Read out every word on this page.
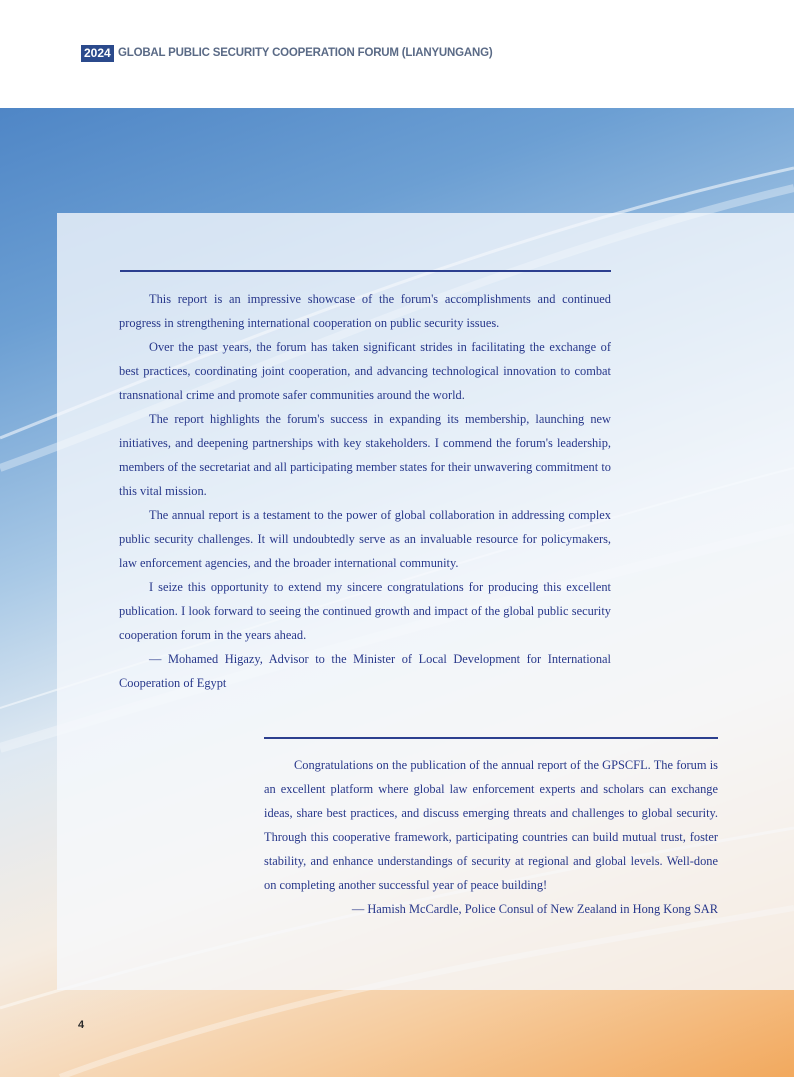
2024 GLOBAL PUBLIC SECURITY COOPERATION FORUM (LIANYUNGANG)

This report is an impressive showcase of the forum's accomplishments and continued progress in strengthening international cooperation on public security issues.

Over the past years, the forum has taken significant strides in facilitating the exchange of best practices, coordinating joint cooperation, and advancing technological innovation to combat transnational crime and promote safer communities around the world.

The report highlights the forum's success in expanding its membership, launching new initiatives, and deepening partnerships with key stakeholders. I commend the forum's leadership, members of the secretariat and all participating member states for their unwavering commitment to this vital mission.

The annual report is a testament to the power of global collaboration in addressing complex public security challenges. It will undoubtedly serve as an invaluable resource for policymakers, law enforcement agencies, and the broader international community.

I seize this opportunity to extend my sincere congratulations for producing this excellent publication. I look forward to seeing the continued growth and impact of the global public security cooperation forum in the years ahead.

— Mohamed Higazy, Advisor to the Minister of Local Development for International Cooperation of Egypt

Congratulations on the publication of the annual report of the GPSCFL. The forum is an excellent platform where global law enforcement experts and scholars can exchange ideas, share best practices, and discuss emerging threats and challenges to global security. Through this cooperative framework, participating countries can build mutual trust, foster stability, and enhance understandings of security at regional and global levels. Well-done on completing another successful year of peace building!

— Hamish McCardle, Police Consul of New Zealand in Hong Kong SAR

4
